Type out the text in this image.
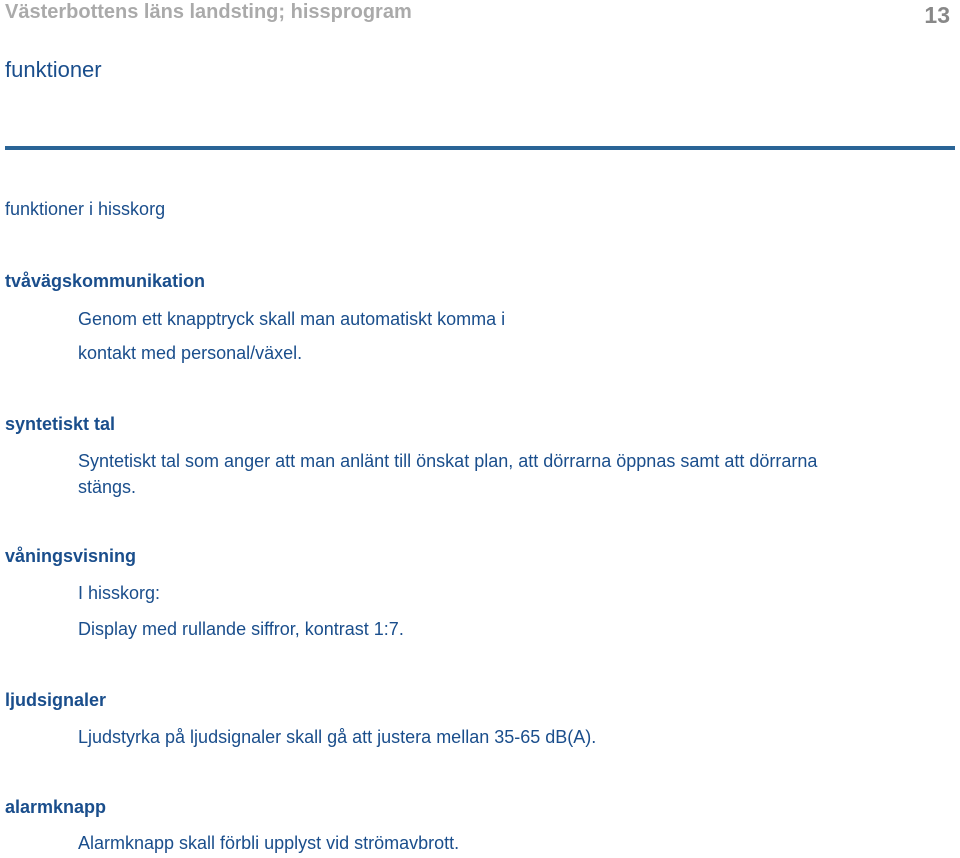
Västerbottens läns landsting; hissprogram	13
funktioner
funktioner i hisskorg
tvåvägskommunikation
Genom ett knapptryck skall man automatiskt komma i
kontakt med personal/växel.
syntetiskt tal
Syntetiskt tal som anger att man anlänt till önskat plan, att dörrarna öppnas samt att dörrarna
stängs.
våningsvisning
I hisskorg:
Display med rullande siffror, kontrast 1:7.
ljudsignaler
Ljudstyrka på ljudsignaler skall gå att justera mellan 35-65 dB(A).
alarmknapp
Alarmknapp skall förbli upplyst vid strömavbrott.
